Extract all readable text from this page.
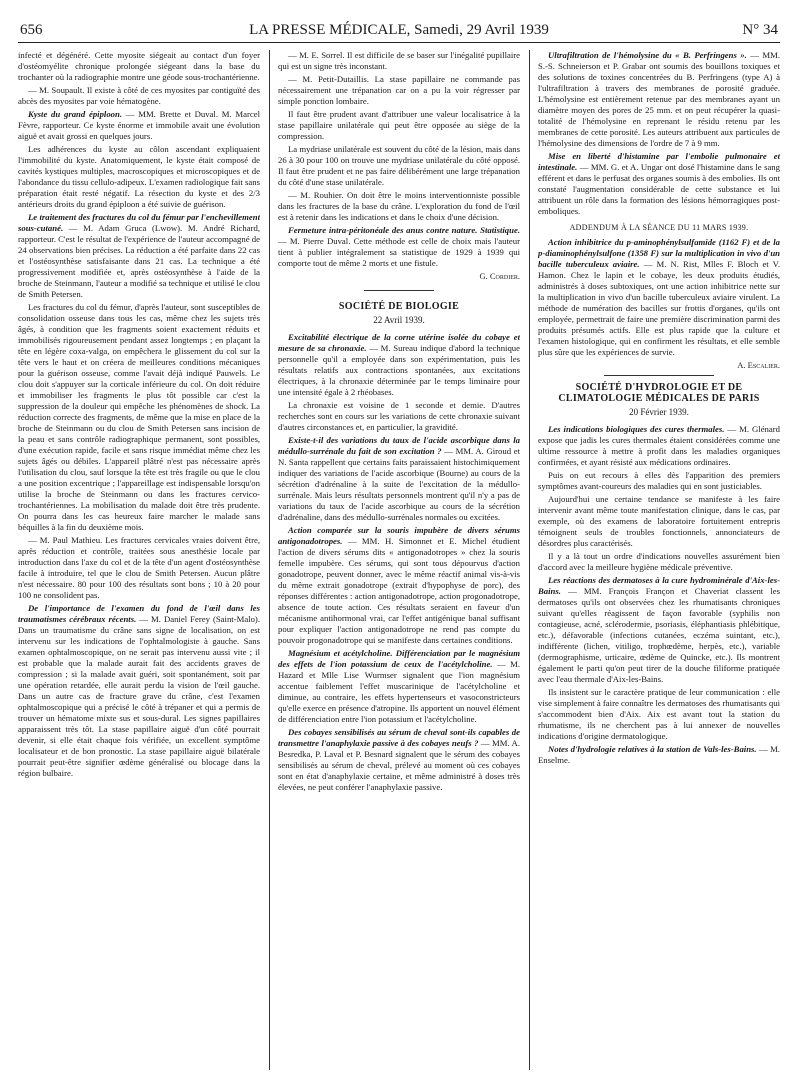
656	LA PRESSE MÉDICALE, Samedi, 29 Avril 1939	N° 34

infecté et dégénéré. Cette myosite siégeait au contact d'un foyer d'ostéomyélite chronique prolongée siégeant dans la base du trochanter où la radiographie montre une géode sous-trochantérienne.

— M. Soupault. Il existe à côté de ces myosites par contiguïté des abcès des myosites par voie hématogène.

Kyste du grand épiploon. — MM. Brette et Duval. M. Marcel Fèvre, rapporteur. Ce kyste énorme et immobile avait une évolution aiguë et avait grossi en quelques jours.

Les adhérences du kyste au côlon ascendant expliquaient l'immobilité du kyste. Anatomiquement, le kyste était composé de cavités kystiques multiples, macroscopiques et microscopiques et de l'abondance du tissu cellulo-adipeux. L'examen radiologique fait sans préparation était resté négatif. La résection du kyste et des 2/3 antérieurs droits du grand épiploon a été suivie de guérison.

Le traitement des fractures du col du fémur par l'enchevillement sous-cutané. — M. Adam Gruca (Lwow). M. André Richard, rapporteur. C'est le résultat de l'expérience de l'auteur accompagné de 24 observations bien précises. La réduction a été parfaite dans 22 cas et l'ostéosynthèse satisfaisante dans 21 cas. La technique a été progressivement modifiée et, après ostéosynthèse à l'aide de la broche de Steinmann, l'auteur a modifié sa technique et utilisé le clou de Smith Petersen.

Les fractures du col du fémur, d'après l'auteur, sont susceptibles de consolidation osseuse dans tous les cas, même chez les sujets très âgés, à condition que les fragments soient exactement réduits et immobilisés rigoureusement pendant assez longtemps ; en plaçant la tête en légère coxa-valga, on empêchera le glissement du col sur la tête vers le haut et on créera de meilleures conditions mécaniques pour la guérison osseuse, comme l'avait déjà indiqué Pauwels. Le clou doit s'appuyer sur la corticale inférieure du col. On doit réduire et immobiliser les fragments le plus tôt possible car c'est la suppression de la douleur qui empêche les phénomènes de shock. La réduction correcte des fragments, de même que la mise en place de la broche de Steinmann ou du clou de Smith Petersen sans incision de la peau et sans contrôle radiographique permanent, sont possibles, d'une exécution rapide, facile et sans risque immédiat même chez les sujets âgés ou débiles. L'appareil plâtré n'est pas nécessaire après l'utilisation du clou, sauf lorsque la tête est très fragile ou que le clou a une position excentrique ; l'appareillage est indispensable lorsqu'on utilise la broche de Steinmann ou dans les fractures cervico-trochantériennes. La mobilisation du malade doit être très prudente. On pourra dans les cas heureux faire marcher le malade sans béquilles à la fin du deuxième mois.

— M. Paul Mathieu. Les fractures cervicales vraies doivent être, après réduction et contrôle, traitées sous anesthésie locale par introduction dans l'axe du col et de la tête d'un agent d'ostéosynthèse facile à introduire, tel que le clou de Smith Petersen. Aucun plâtre n'est nécessaire. 80 pour 100 des résultats sont bons ; 10 à 20 pour 100 ne consolident pas.

De l'importance de l'examen du fond de l'œil dans les traumatismes cérébraux récents. — M. Daniel Ferey (Saint-Malo). Dans un traumatisme du crâne sans signe de localisation, on est intervenu sur les indications de l'ophtalmologiste à gauche. Sans examen ophtalmoscopique, on ne serait pas intervenu aussi vite ; il est probable que la malade aurait fait des accidents graves de compression ; si la malade avait guéri, soit spontanément, soit par une opération retardée, elle aurait perdu la vision de l'œil gauche. Dans un autre cas de fracture grave du crâne, c'est l'examen ophtalmoscopique qui a précisé le côté à trépaner et qui a permis de trouver un hématome mixte sus et sous-dural. Les signes papillaires apparaissent très tôt. La stase papillaire aiguë d'un côté pourrait devenir, si elle était chaque fois vérifiée, un excellent symptôme localisateur et de bon pronostic. La stase papillaire aiguë bilatérale pourrait peut-être signifier œdème généralisé ou blocage dans la région bulbaire.

— M. E. Sorrel. Il est difficile de se baser sur l'inégalité pupillaire qui est un signe très inconstant.

— M. Petit-Dutaillis. La stase papillaire ne commande pas nécessairement une trépanation car on a pu la voir régresser par simple ponction lombaire.

Il faut être prudent avant d'attribuer une valeur localisatrice à la stase papillaire unilatérale qui peut être opposée au siège de la compression.

La mydriase unilatérale est souvent du côté de la lésion, mais dans 26 à 30 pour 100 on trouve une mydriase unilatérale du côté opposé. Il faut être prudent et ne pas faire délibérément une large trépanation du côté d'une stase unilatérale.

— M. Rouhier. On doit être le moins interventionniste possible dans les fractures de la base du crâne. L'exploration du fond de l'œil est à retenir dans les indications et dans le choix d'une décision.

Fermeture intra-péritonéale des anus contre nature. Statistique. — M. Pierre Duval. Cette méthode est celle de choix mais l'auteur tient à publier intégralement sa statistique de 1929 à 1939 qui comporte tout de même 2 morts et une fistule.

G. Cordier.
SOCIÉTÉ DE BIOLOGIE
22 Avril 1939.

Excitabilité électrique de la corne utérine isolée du cobaye et mesure de sa chronaxie. — M. Sureau indique d'abord la technique personnelle qu'il a employée dans son expérimentation, puis les résultats relatifs aux contractions spontanées, aux excitations électriques, à la chronaxie déterminée par le temps liminaire pour une intensité égale à 2 rhéobases.

La chronaxie est voisine de 1 seconde et demie. D'autres recherches sont en cours sur les variations de cette chronaxie suivant d'autres circonstances et, en particulier, la gravidité.

Existe-t-il des variations du taux de l'acide ascorbique dans la médullo-surrénale du fait de son excitation ? — MM. A. Giroud et N. Santa rappellent que certains faits paraissaient histochimiquement indiquer des variations de l'acide ascorbique (Bourne) au cours de la sécrétion d'adrénaline à la suite de l'excitation de la médullo-surrénale. Mais leurs résultats personnels montrent qu'il n'y a pas de variations du taux de l'acide ascorbique au cours de la sécrétion d'adrénaline, dans des médullo-surrénales normales ou excitées.

Action comparée sur la souris impubère de divers sérums antigonadotropes. — MM. H. Simonnet et E. Michel étudient l'action de divers sérums dits « antigonadotropes » chez la souris femelle impubère. Ces sérums, qui sont tous dépourvus d'action gonadotrope, peuvent donner, avec le même réactif animal vis-à-vis du même extrait gonadotrope (extrait d'hypophyse de porc), des réponses différentes : action antigonadotrope, action progonadotrope, absence de toute action. Ces résultats seraient en faveur d'un mécanisme antihormonal vrai, car l'effet antigénique banal suffisant pour expliquer l'action antigonadotrope ne rend pas compte du pouvoir progonadotrope qui se manifeste dans certaines conditions.

Magnésium et acétylcholine. Différenciation par le magnésium des effets de l'ion potassium de ceux de l'acétylcholine. — M. Hazard et Mlle Lise Wurmser signalent que l'ion magnésium accentue faiblement l'effet muscarinique de l'acétylcholine et diminue, au contraire, les effets hypertenseurs et vasoconstricteurs qu'elle exerce en présence d'atropine. Ils apportent un nouvel élément de différenciation entre l'ion potassium et l'acétylcholine.

Des cobayes sensibilisés au sérum de cheval sont-ils capables de transmettre l'anaphylaxie passive à des cobayes neufs ? — MM. A. Besredka, P. Laval et P. Besnard signalent que le sérum des cobayes sensibilisés au sérum de cheval, prélevé au moment où ces cobayes sont en état d'anaphylaxie certaine, et même administré à doses très élevées, ne peut conférer l'anaphylaxie passive.

Ultrafiltration de l'hémolysine du « B. Perfringens ». — MM. S.-S. Schneierson et P. Grabar ont soumis des bouillons toxiques et des solutions de toxines concentrées du B. Perfringens (type A) à l'ultrafiltration à travers des membranes de porosité graduée. L'hémolysine est entièrement retenue par des membranes ayant un diamètre moyen des pores de 25 mm. et on peut récupérer la quasi-totalité de l'hémolysine en reprenant le résidu retenu par les membranes de cette porosité. Les auteurs attribuent aux particules de l'hémolysine des dimensions de l'ordre de 7 à 9 mm.

Mise en liberté d'histamine par l'embolie pulmonaire et intestinale. — MM. G. et A. Ungar ont dosé l'histamine dans le sang efférent et dans le perfusat des organes soumis à des embolies. Ils ont constaté l'augmentation considérable de cette substance et lui attribuent un rôle dans la formation des lésions hémorragiques post-emboliques.

ADDENDUM À LA SÉANCE DU 11 MARS 1939.

Action inhibitrice du p-aminophénylsulfamide (1162 F) et de la p-diaminophénylsulfone (1358 F) sur la multiplication in vivo d'un bacille tuberculeux aviaire. — M. N. Rist, Mlles F. Bloch et V. Hamon. Chez le lapin et le cobaye, les deux produits étudiés, administrés à doses subtoxiques, ont une action inhibitrice nette sur la multiplication in vivo d'un bacille tuberculeux aviaire virulent. La méthode de numération des bacilles sur frottis d'organes, qu'ils ont employée, permettrait de faire une première discrimination parmi des produits présumés actifs. Elle est plus rapide que la culture et l'examen histologique, qui en confirment les résultats, et elle semble plus sûre que les expériences de survie.

A. Escalier.
SOCIÉTÉ D'HYDROLOGIE ET DE CLIMATOLOGIE MÉDICALES DE PARIS
20 Février 1939.

Les indications biologiques des cures thermales. — M. Glénard expose que jadis les cures thermales étaient considérées comme une ultime ressource à mettre à profit dans les maladies organiques confirmées, et ayant résisté aux médications ordinaires.

Puis on eut recours à elles dès l'apparition des premiers symptômes avant-coureurs des maladies qui en sont justiciables.

Aujourd'hui une certaine tendance se manifeste à les faire intervenir avant même toute manifestation clinique, dans le cas, par exemple, où des examens de laboratoire fortuitement entrepris témoignent seuls de troubles fonctionnels, annonciateurs de désordres plus caractérisés.

Il y a là tout un ordre d'indications nouvelles assurément bien d'accord avec la meilleure hygiène médicale préventive.

Les réactions des dermatoses à la cure hydrominérale d'Aix-les-Bains. — MM. François Françon et Chaveriat classent les dermatoses qu'ils ont observées chez les rhumatisants chroniques suivant qu'elles réagissent de façon favorable (syphilis non contagieuse, acné, sclérodermie, psoriasis, éléphantiasis phlébitique, etc.), défavorable (infections cutanées, eczéma suintant, etc.), indifférente (lichen, vitiligo, trophœdème, herpès, etc.), variable (dermographisme, urticaire, œdème de Quincke, etc.). Ils montrent également le parti qu'on peut tirer de la douche filiforme pratiquée avec l'eau thermale d'Aix-les-Bains.

Ils insistent sur le caractère pratique de leur communication : elle vise simplement à faire connaître les dermatoses des rhumatisants qui s'accommodent bien d'Aix. Aix est avant tout la station du rhumatisme, ils ne cherchent pas à lui annexer de nouvelles indications d'origine dermatologique.

Notes d'hydrologie relatives à la station de Vals-les-Bains. — M. Enselme.
